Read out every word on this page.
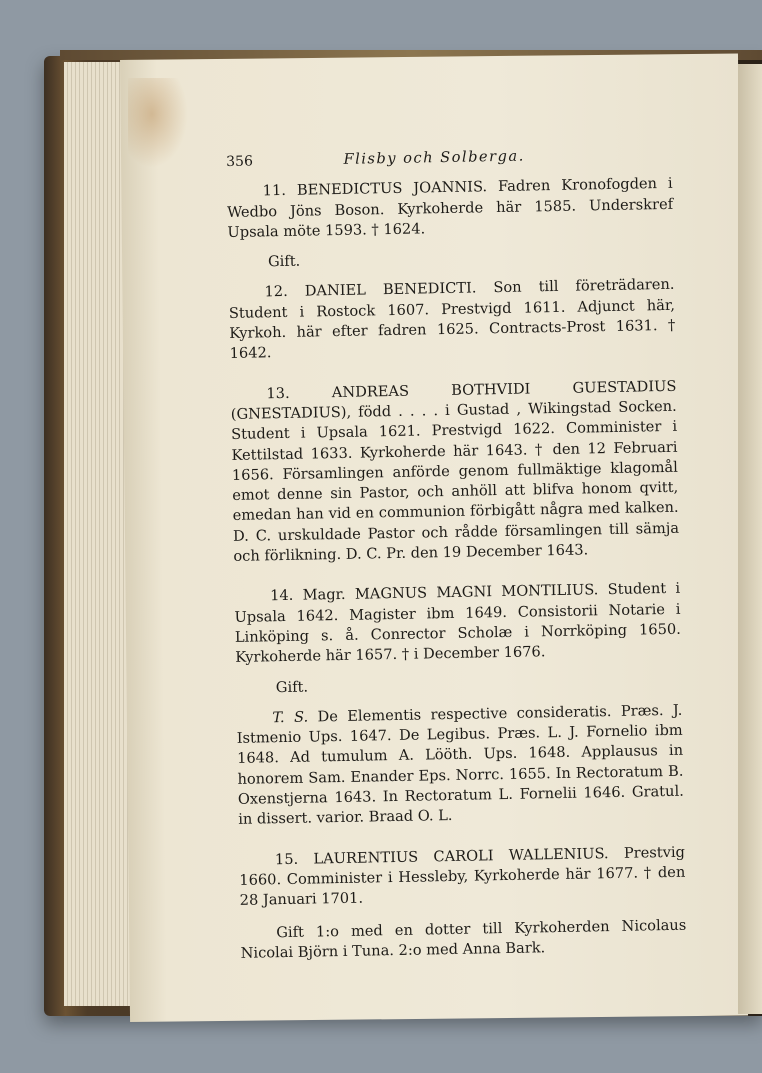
356	Flisby och Solberga.

11. BENEDICTUS JOANNIS. Fadren Kronofogden i Wedbo Jöns Boson. Kyrkoherde här 1585. Underskref Upsala möte 1593. † 1624.

Gift.

12. DANIEL BENEDICTI. Son till företrädaren. Student i Rostock 1607. Prestvigd 1611. Adjunct här, Kyrkoh. här efter fadren 1625. Contracts-Prost 1631. † 1642.

13. ANDREAS BOTHVIDI GUESTADIUS (GNESTADIUS), född . . . . i Gustad , Wikingstad Socken. Student i Upsala 1621. Prestvigd 1622. Comminister i Kettilstad 1633. Kyrkoherde här 1643. † den 12 Februari 1656. Församlingen anförde genom fullmäktige klagomål emot denne sin Pastor, och anhöll att blifva honom qvitt, emedan han vid en communion förbigått några med kalken. D. C. urskuldade Pastor och rådde församlingen till sämja och förlikning. D. C. Pr. den 19 December 1643.

14. Magr. MAGNUS MAGNI MONTILIUS. Student i Upsala 1642. Magister ibm 1649. Consistorii Notarie i Linköping s. å. Conrector Scholæ i Norrköping 1650. Kyrkoherde här 1657. † i December 1676.

Gift.

T. S. De Elementis respective consideratis. Præs. J. Istmenio Ups. 1647. De Legibus. Præs. L. J. Fornelio ibm 1648. Ad tumulum A. Lööth. Ups. 1648. Applausus in honorem Sam. Enander Eps. Norrc. 1655. In Rectoratum B. Oxenstjerna 1643. In Rectoratum L. Fornelii 1646. Gratul. in dissert. varior. Braad O. L.

15. LAURENTIUS CAROLI WALLENIUS. Prestvig 1660. Comminister i Hessleby, Kyrkoherde här 1677. † den 28 Januari 1701.

Gift 1:o med en dotter till Kyrkoherden Nicolaus Nicolai Björn i Tuna. 2:o med Anna Bark.
